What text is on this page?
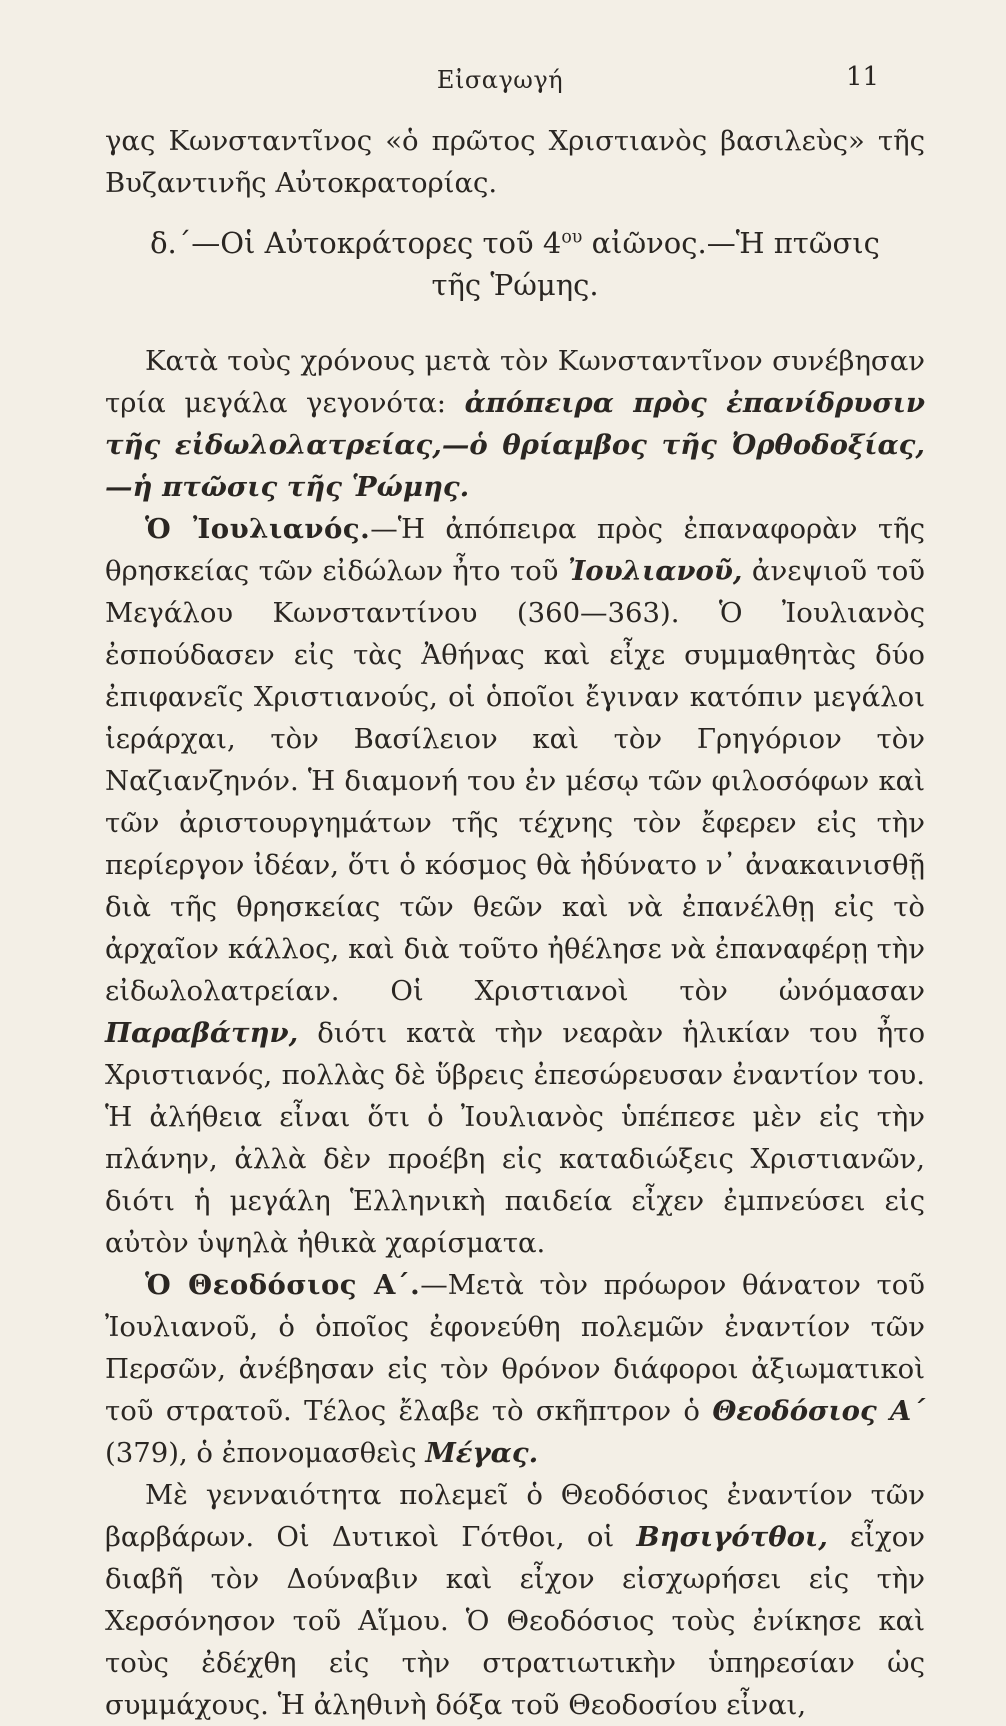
Εἰσαγωγή	11

γας Κωνσταντῖνος «ὁ πρῶτος Χριστιανὸς βασιλεὺς» τῆς Βυζαντινῆς Αὐτοκρατορίας.

δ.΄—Οἱ Αὐτοκράτορες τοῦ $4^{o\upsilon}$ αἰῶνος.—Ἡ πτῶσις
τῆς Ῥώμης.

Κατὰ τοὺς χρόνους μετὰ τὸν Κωνσταντῖνον συνέβησαν τρία μεγάλα γεγονότα: ἀπόπειρα πρὸς ἐπανίδρυσιν τῆς εἰδωλολατρείας,—ὁ θρίαμβος τῆς Ὀρθοδοξίας,—ἡ πτῶσις τῆς Ῥώμης.

Ὁ Ἰουλιανός.—Ἡ ἀπόπειρα πρὸς ἐπαναφορὰν τῆς θρησκείας τῶν εἰδώλων ἦτο τοῦ Ἰουλιανοῦ, ἀνεψιοῦ τοῦ Μεγάλου Κωνσταντίνου (360—363). Ὁ Ἰουλιανὸς ἐσπούδασεν εἰς τὰς Ἀθήνας καὶ εἶχε συμμαθητὰς δύο ἐπιφανεῖς Χριστιανούς, οἱ ὁποῖοι ἔγιναν κατόπιν μεγάλοι ἱεράρχαι, τὸν Βασίλειον καὶ τὸν Γρηγόριον τὸν Ναζιανζηνόν. Ἡ διαμονή του ἐν μέσῳ τῶν φιλοσόφων καὶ τῶν ἀριστουργημάτων τῆς τέχνης τὸν ἔφερεν εἰς τὴν περίεργον ἰδέαν, ὅτι ὁ κόσμος θὰ ἠδύνατο ν᾿ ἀνακαινισθῇ διὰ τῆς θρησκείας τῶν θεῶν καὶ νὰ ἐπανέλθῃ εἰς τὸ ἀρχαῖον κάλλος, καὶ διὰ τοῦτο ἠθέλησε νὰ ἐπαναφέρῃ τὴν εἰδωλολατρείαν. Οἱ Χριστιανοὶ τὸν ὠνόμασαν Παραβάτην, διότι κατὰ τὴν νεαρὰν ἡλικίαν του ἦτο Χριστιανός, πολλὰς δὲ ὕβρεις ἐπεσώρευσαν ἐναντίον του. Ἡ ἀλήθεια εἶναι ὅτι ὁ Ἰουλιανὸς ὑπέπεσε μὲν εἰς τὴν πλάνην, ἀλλὰ δὲν προέβη εἰς καταδιώξεις Χριστιανῶν, διότι ἡ μεγάλη Ἑλληνικὴ παιδεία εἶχεν ἐμπνεύσει εἰς αὐτὸν ὑψηλὰ ἠθικὰ χαρίσματα.

Ὁ Θεοδόσιος Α΄.—Μετὰ τὸν πρόωρον θάνατον τοῦ Ἰουλιανοῦ, ὁ ὁποῖος ἐφονεύθη πολεμῶν ἐναντίον τῶν Περσῶν, ἀνέβησαν εἰς τὸν θρόνον διάφοροι ἀξιωματικοὶ τοῦ στρατοῦ. Τέλος ἔλαβε τὸ σκῆπτρον ὁ Θεοδόσιος Α΄ (379), ὁ ἐπονομασθεὶς Μέγας.

Μὲ γενναιότητα πολεμεῖ ὁ Θεοδόσιος ἐναντίον τῶν βαρβάρων. Οἱ Δυτικοὶ Γότθοι, οἱ Βησιγότθοι, εἶχον διαβῆ τὸν Δούναβιν καὶ εἶχον εἰσχωρήσει εἰς τὴν Χερσόνησον τοῦ Αἵμου. Ὁ Θεοδόσιος τοὺς ἐνίκησε καὶ τοὺς ἐδέχθη εἰς τὴν στρατιωτικὴν ὑπηρεσίαν ὡς συμμάχους. Ἡ ἀληθινὴ δόξα τοῦ Θεοδοσίου εἶναι,
